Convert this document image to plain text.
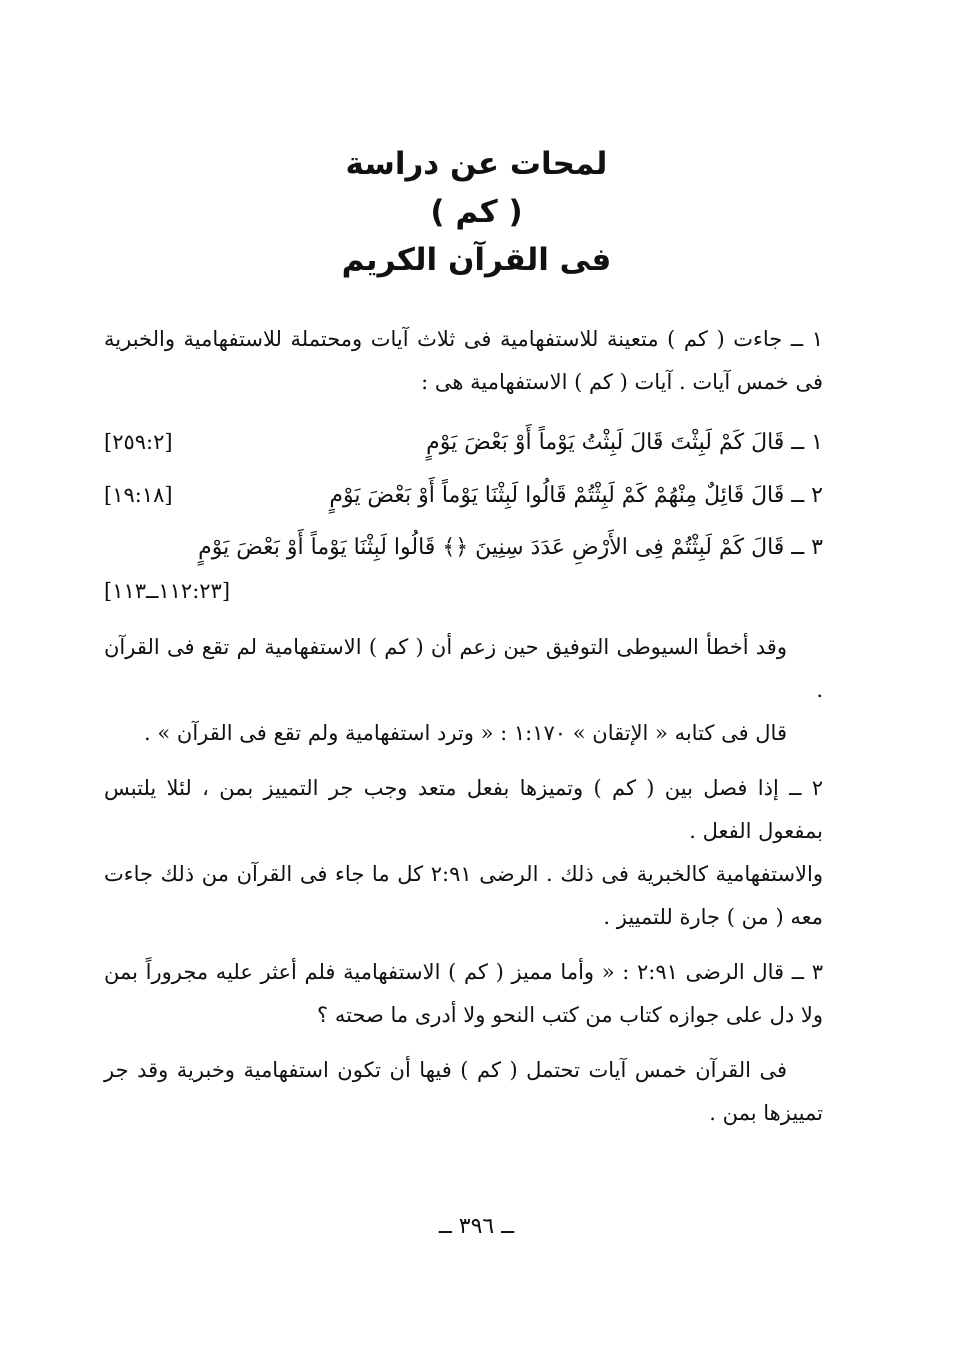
لمحات عن دراسة

( كم )

فى القرآن الكريم

١ ــ جاءت ( كم ) متعينة للاستفهامية فى ثلاث آيات ومحتملة للاستفهامية والخبرية فى خمس آيات . آيات ( كم ) الاستفهامية هى :

١ ــ قَالَ كَمْ لَبِثْتَ قَالَ لَبِثْتُ يَوْماً أَوْ بَعْضَ يَوْمٍ
[٢٥٩:٢]
٢ ــ قَالَ قَائِلٌ مِنْهُمْ كَمْ لَبِثْتُمْ قَالُوا لَبِثْنَا يَوْماً أَوْ بَعْضَ يَوْمٍ
[١٩:١٨]
٣ ــ قَالَ كَمْ لَبِثْتُمْ فِى الأَرْضِ عَدَدَ سِنِينَ ﴿﴾ قَالُوا لَبِثْنَا يَوْماً أَوْ بَعْضَ يَوْمٍ
[١١٢:٢٣ــ١١٣]

وقد أخطأ السيوطى التوفيق حين زعم أن ( كم ) الاستفهامية لم تقع فى القرآن .

قال فى كتابه « الإتقان » ١:١٧٠ : « وترد استفهامية ولم تقع فى القرآن » .

٢ ــ إذا فصل بين ( كم ) وتميزها بفعل متعد وجب جر التمييز بمن ، لئلا يلتبس بمفعول الفعل .

والاستفهامية كالخبرية فى ذلك . الرضى ٢:٩١ كل ما جاء فى القرآن من ذلك جاءت معه ( من ) جارة للتمييز .

٣ ــ قال الرضى ٢:٩١ : « وأما مميز ( كم ) الاستفهامية فلم أعثر عليه مجروراً بمن ولا دل على جوازه كتاب من كتب النحو ولا أدرى ما صحته ؟

فى القرآن خمس آيات تحتمل ( كم ) فيها أن تكون استفهامية وخبرية وقد جر تمييزها بمن .

ــ ٣٩٦ ــ
